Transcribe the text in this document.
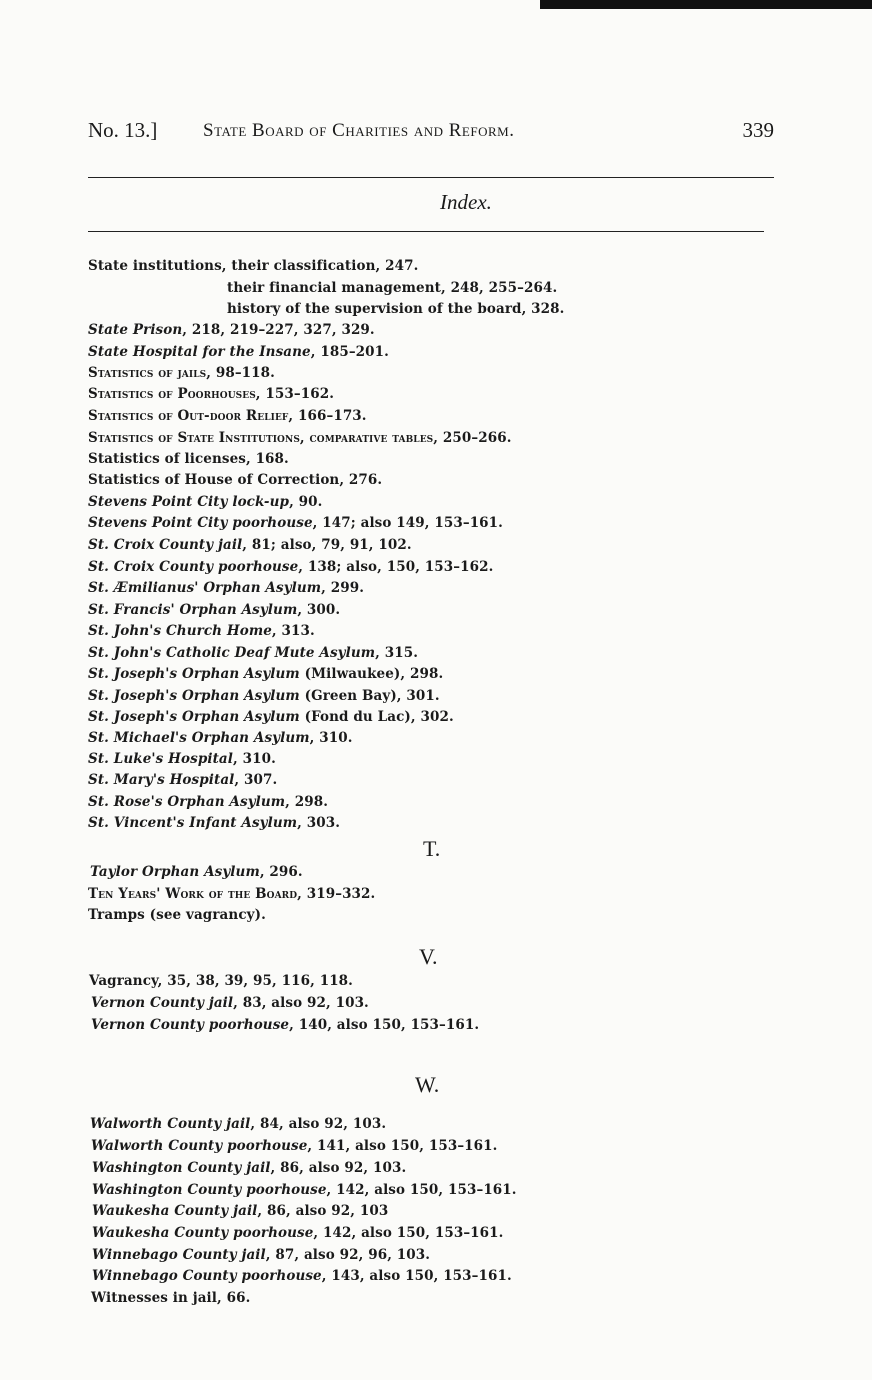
No. 13.] State Board of Charities and Reform.	339
Index.
State institutions, their classification, 247.
their financial management, 248, 255–264.
history of the supervision of the board, 328.
State Prison, 218, 219–227, 327, 329.
State Hospital for the Insane, 185–201.
Statistics of jails, 98–118.
Statistics of Poorhouses, 153–162.
Statistics of Out-door Relief, 166–173.
Statistics of State Institutions, comparative tables, 250–266.
Statistics of licenses, 168.
Statistics of House of Correction, 276.
Stevens Point City lock-up, 90.
Stevens Point City poorhouse, 147; also 149, 153–161.
St. Croix County jail, 81; also, 79, 91, 102.
St. Croix County poorhouse, 138; also, 150, 153–162.
St. Æmilianus' Orphan Asylum, 299.
St. Francis' Orphan Asylum, 300.
St. John's Church Home, 313.
St. John's Catholic Deaf Mute Asylum, 315.
St. Joseph's Orphan Asylum (Milwaukee), 298.
St. Joseph's Orphan Asylum (Green Bay), 301.
St. Joseph's Orphan Asylum (Fond du Lac), 302.
St. Michael's Orphan Asylum, 310.
St. Luke's Hospital, 310.
St. Mary's Hospital, 307.
St. Rose's Orphan Asylum, 298.
St. Vincent's Infant Asylum, 303.
T.
Taylor Orphan Asylum, 296.
Ten Years' Work of the Board, 319–332.
Tramps (see vagrancy).
V.
Vagrancy, 35, 38, 39, 95, 116, 118.
Vernon County jail, 83, also 92, 103.
Vernon County poorhouse, 140, also 150, 153–161.
W.
Walworth County jail, 84, also 92, 103.
Walworth County poorhouse, 141, also 150, 153–161.
Washington County jail, 86, also 92, 103.
Washington County poorhouse, 142, also 150, 153–161.
Waukesha County jail, 86, also 92, 103
Waukesha County poorhouse, 142, also 150, 153–161.
Winnebago County jail, 87, also 92, 96, 103.
Winnebago County poorhouse, 143, also 150, 153–161.
Witnesses in jail, 66.
